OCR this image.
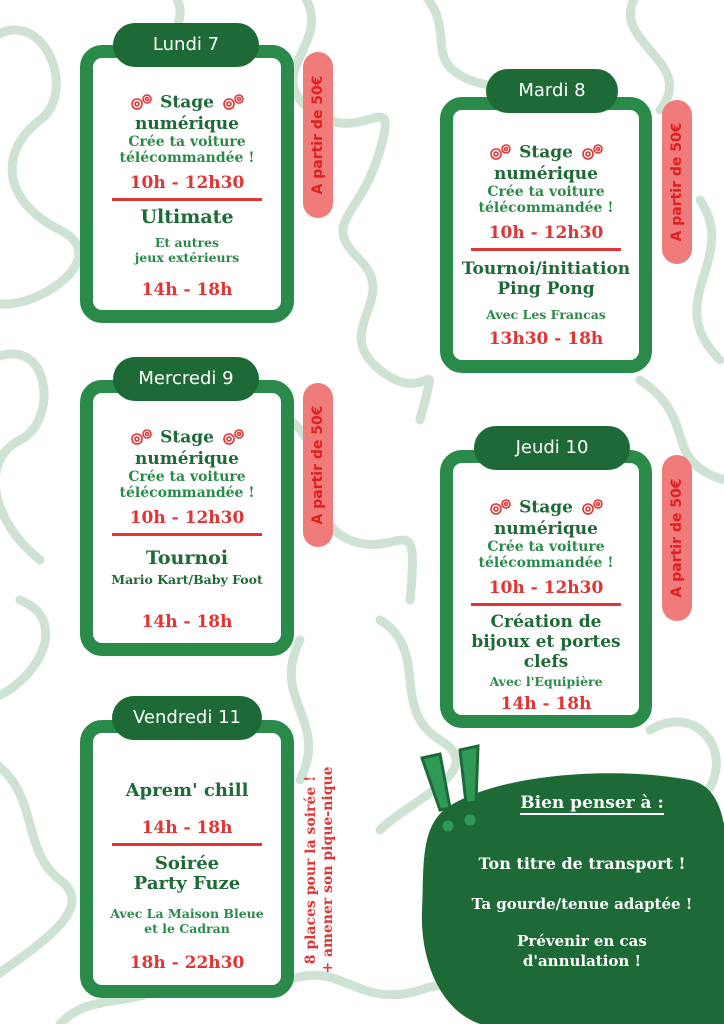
Lundi 7
Stage
numérique
Crée ta voiture
télécommandée !
10h - 12h30
Ultimate
Et autres
jeux extérieurs
14h - 18h
A partir de 50€	Mardi 8
Stage
numérique
Crée ta voiture
télécommandée !
10h - 12h30
Tournoi/initiation
Ping Pong
Avec Les Francas
13h30 - 18h
A partir de 50€
Mercredi 9
Stage
numérique
Crée ta voiture
télécommandée !
10h - 12h30
Tournoi
Mario Kart/Baby Foot
14h - 18h
A partir de 50€	Jeudi 10
Stage
numérique
Crée ta voiture
télécommandée !
10h - 12h30
Création de
bijoux et portes
clefs
Avec l'Equipière
14h - 18h
A partir de 50€
Vendredi 11
Aprem' chill
14h - 18h
Soirée
Party Fuze
Avec La Maison Bleue
et le Cadran
18h - 22h30	8 places pour la soirée ! + amener son pique-nique	Bien penser à :
Ton titre de transport !
Ta gourde/tenue adaptée !
Prévenir en cas
d'annulation !
